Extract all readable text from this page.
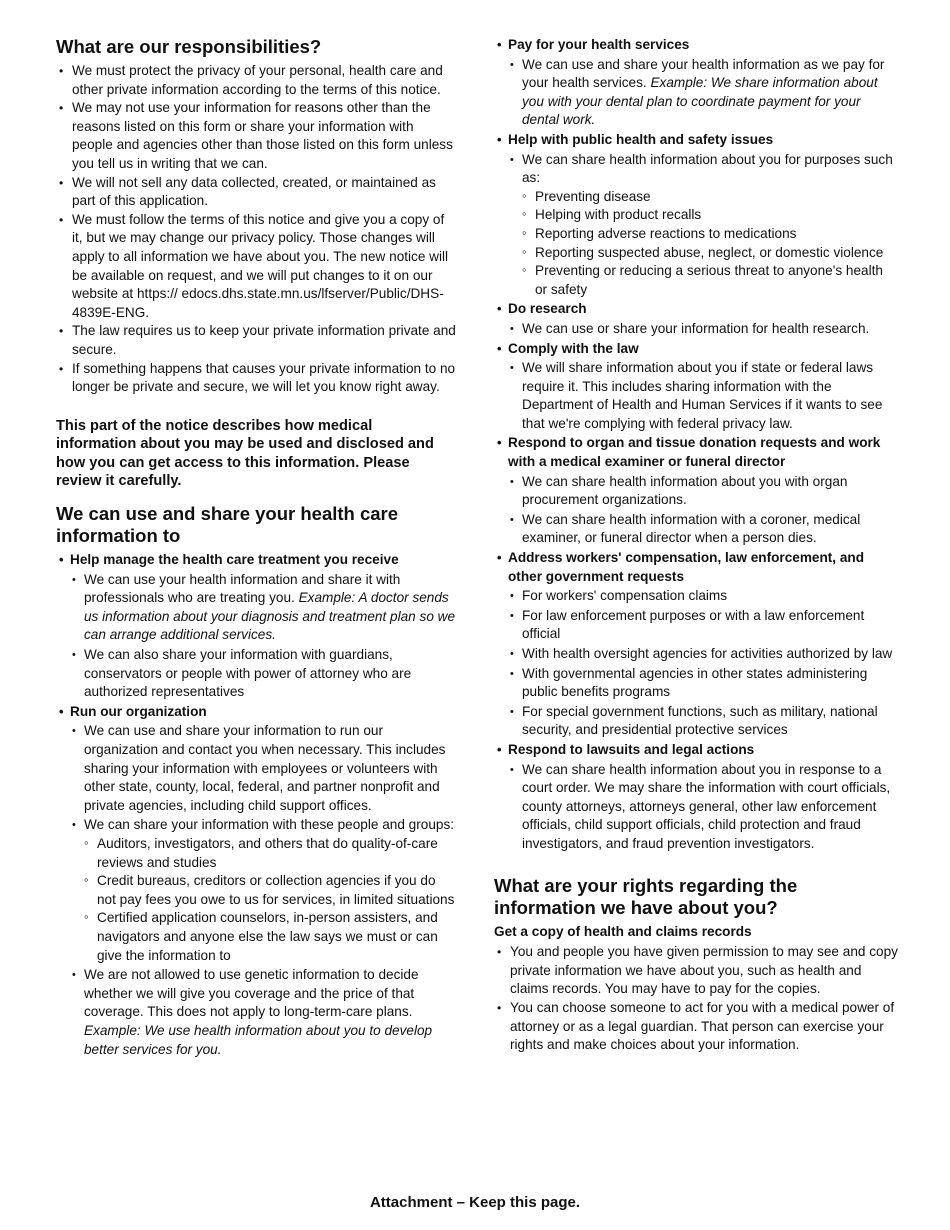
What are our responsibilities?
• We must protect the privacy of your personal, health care and other private information according to the terms of this notice.
• We may not use your information for reasons other than the reasons listed on this form or share your information with people and agencies other than those listed on this form unless you tell us in writing that we can.
• We will not sell any data collected, created, or maintained as part of this application.
• We must follow the terms of this notice and give you a copy of it, but we may change our privacy policy. Those changes will apply to all information we have about you. The new notice will be available on request, and we will put changes to it on our website at https:// edocs.dhs.state.mn.us/lfserver/Public/DHS-4839E-ENG.
• The law requires us to keep your private information private and secure.
• If something happens that causes your private information to no longer be private and secure, we will let you know right away.

This part of the notice describes how medical information about you may be used and disclosed and how you can get access to this information. Please review it carefully.

We can use and share your health care information to
• Help manage the health care treatment you receive
• We can use your health information and share it with professionals who are treating you. Example: A doctor sends us information about your diagnosis and treatment plan so we can arrange additional services.
• We can also share your information with guardians, conservators or people with power of attorney who are authorized representatives
• Run our organization
• We can use and share your information to run our organization and contact you when necessary. This includes sharing your information with employees or volunteers with other state, county, local, federal, and partner nonprofit and private agencies, including child support offices.
• We can share your information with these people and groups:
◦ Auditors, investigators, and others that do quality-of-care reviews and studies
◦ Credit bureaus, creditors or collection agencies if you do not pay fees you owe to us for services, in limited situations
◦ Certified application counselors, in-person assisters, and navigators and anyone else the law says we must or can give the information to
• We are not allowed to use genetic information to decide whether we will give you coverage and the price of that coverage. This does not apply to long-term-care plans. Example: We use health information about you to develop better services for you.
• Pay for your health services
• We can use and share your health information as we pay for your health services. Example: We share information about you with your dental plan to coordinate payment for your dental work.
• Help with public health and safety issues
• We can share health information about you for purposes such as:
◦ Preventing disease
◦ Helping with product recalls
◦ Reporting adverse reactions to medications
◦ Reporting suspected abuse, neglect, or domestic violence
◦ Preventing or reducing a serious threat to anyone's health or safety
• Do research
• We can use or share your information for health research.
• Comply with the law
• We will share information about you if state or federal laws require it. This includes sharing information with the Department of Health and Human Services if it wants to see that we're complying with federal privacy law.
• Respond to organ and tissue donation requests and work with a medical examiner or funeral director
• We can share health information about you with organ procurement organizations.
• We can share health information with a coroner, medical examiner, or funeral director when a person dies.
• Address workers' compensation, law enforcement, and other government requests
• For workers' compensation claims
• For law enforcement purposes or with a law enforcement official
• With health oversight agencies for activities authorized by law
• With governmental agencies in other states administering public benefits programs
• For special government functions, such as military, national security, and presidential protective services
• Respond to lawsuits and legal actions
• We can share health information about you in response to a court order. We may share the information with court officials, county attorneys, attorneys general, other law enforcement officials, child support officials, child protection and fraud investigators, and fraud prevention investigators.
What are your rights regarding the information we have about you?
Get a copy of health and claims records
• You and people you have given permission to may see and copy private information we have about you, such as health and claims records. You may have to pay for the copies.
• You can choose someone to act for you with a medical power of attorney or as a legal guardian. That person can exercise your rights and make choices about your information.
Attachment – Keep this page.
